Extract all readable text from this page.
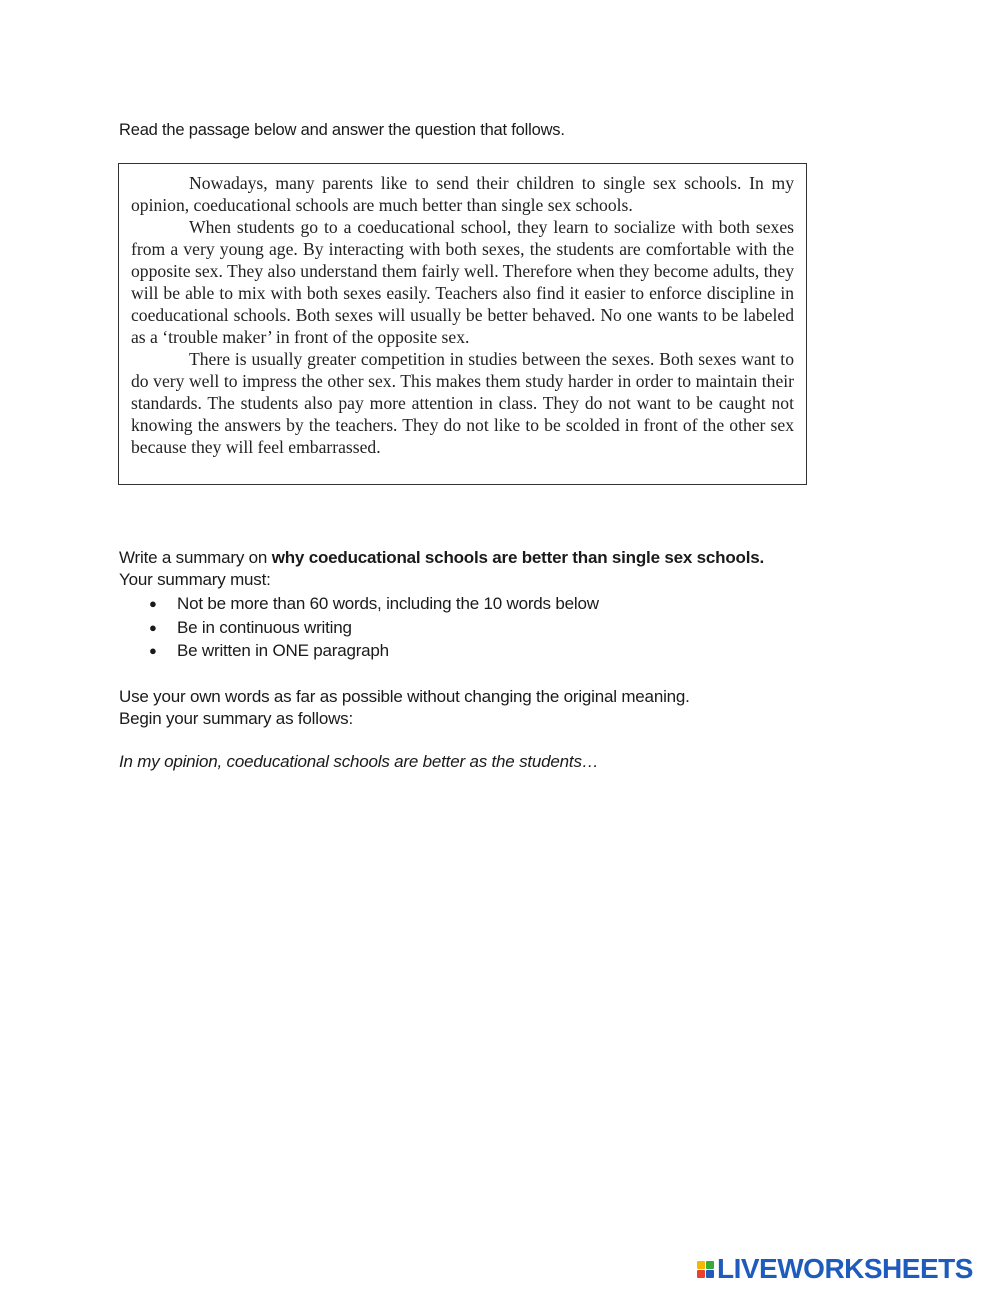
Read the passage below and answer the question that follows.

Nowadays, many parents like to send their children to single sex schools. In my opinion, coeducational schools are much better than single sex schools.

When students go to a coeducational school, they learn to socialize with both sexes from a very young age. By interacting with both sexes, the students are comfortable with the opposite sex. They also understand them fairly well. Therefore when they become adults, they will be able to mix with both sexes easily. Teachers also find it easier to enforce discipline in coeducational schools. Both sexes will usually be better behaved. No one wants to be labeled as a ‘trouble maker’ in front of the opposite sex.

There is usually greater competition in studies between the sexes. Both sexes want to do very well to impress the other sex. This makes them study harder in order to maintain their standards. The students also pay more attention in class. They do not want to be caught not knowing the answers by the teachers. They do not like to be scolded in front of the other sex because they will feel embarrassed.

Write a summary on why coeducational schools are better than single sex schools.

Your summary must:

● Not be more than 60 words, including the 10 words below
● Be in continuous writing
● Be written in ONE paragraph

Use your own words as far as possible without changing the original meaning.

Begin your summary as follows:

In my opinion, coeducational schools are better as the students…

LIVEWORKSHEETS
